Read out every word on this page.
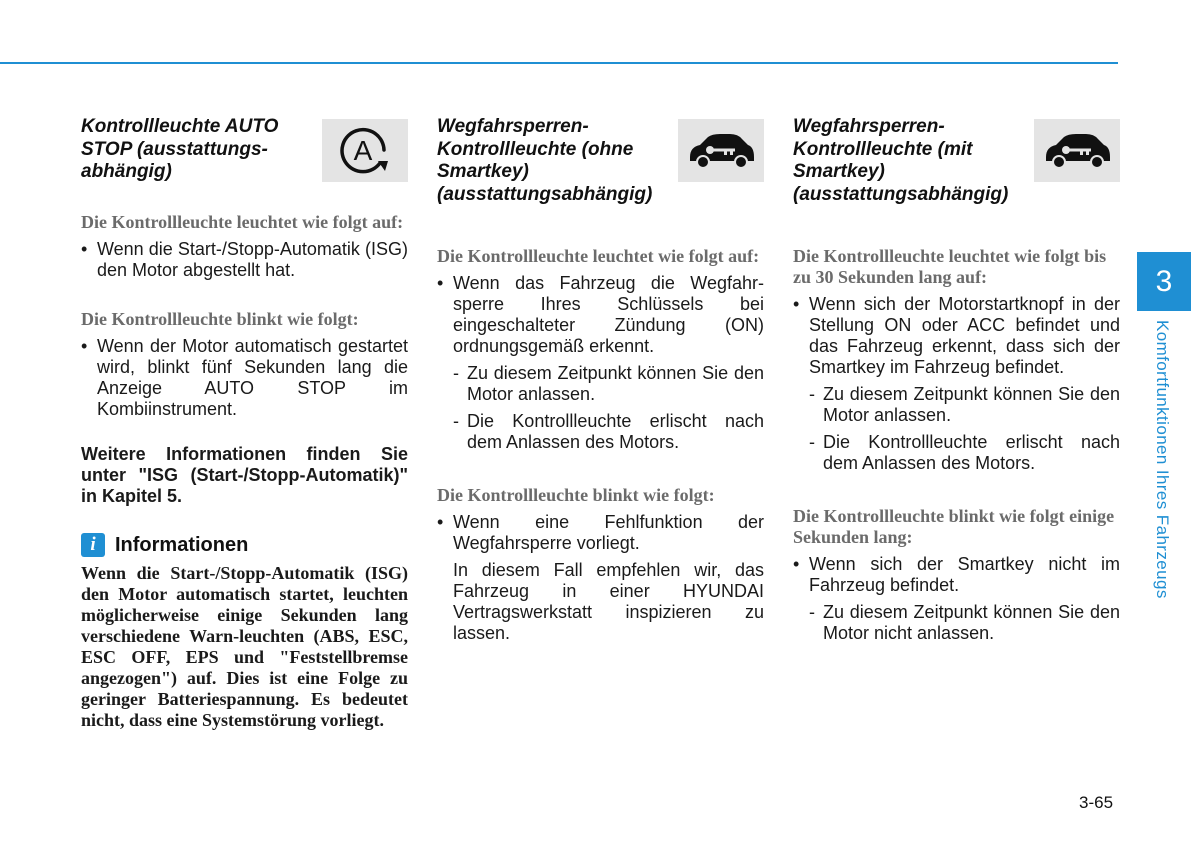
Kontrollleuchte AUTO STOP (ausstattungs-abhängig)
A

Die Kontrollleuchte leuchtet wie folgt auf:

• Wenn die Start-/Stopp-Automatik (ISG) den Motor abgestellt hat.

Die Kontrollleuchte blinkt wie folgt:

• Wenn der Motor automatisch gestartet wird, blinkt fünf Sekunden lang die Anzeige AUTO STOP im Kombiinstrument.

Weitere Informationen finden Sie unter "ISG (Start-/Stopp-Automatik)" in Kapitel 5.

i Informationen

Wenn die Start-/Stopp-Automatik (ISG) den Motor automatisch startet, leuchten möglicherweise einige Sekunden lang verschiedene Warn-leuchten (ABS, ESC, ESC OFF, EPS und "Feststellbremse angezogen") auf. Dies ist eine Folge zu geringer Batteriespannung. Es bedeutet nicht, dass eine Systemstörung vorliegt.

Wegfahrsperren-Kontrollleuchte (ohne Smartkey) (ausstattungsabhängig)

Die Kontrollleuchte leuchtet wie folgt auf:

• Wenn das Fahrzeug die Wegfahr-sperre Ihres Schlüssels bei eingeschalteter Zündung (ON) ordnungsgemäß erkennt.

- Zu diesem Zeitpunkt können Sie den Motor anlassen.

- Die Kontrollleuchte erlischt nach dem Anlassen des Motors.

Die Kontrollleuchte blinkt wie folgt:

• Wenn eine Fehlfunktion der Wegfahrsperre vorliegt.

In diesem Fall empfehlen wir, das Fahrzeug in einer HYUNDAI Vertragswerkstatt inspizieren zu lassen.

Wegfahrsperren-Kontrollleuchte (mit Smartkey) (ausstattungsabhängig)

Die Kontrollleuchte leuchtet wie folgt bis zu 30 Sekunden lang auf:

• Wenn sich der Motorstartknopf in der Stellung ON oder ACC befindet und das Fahrzeug erkennt, dass sich der Smartkey im Fahrzeug befindet.

- Zu diesem Zeitpunkt können Sie den Motor anlassen.

- Die Kontrollleuchte erlischt nach dem Anlassen des Motors.

Die Kontrollleuchte blinkt wie folgt einige Sekunden lang:

• Wenn sich der Smartkey nicht im Fahrzeug befindet.

- Zu diesem Zeitpunkt können Sie den Motor nicht anlassen.

3
Komfortfunktionen Ihres Fahrzeugs
3-65
